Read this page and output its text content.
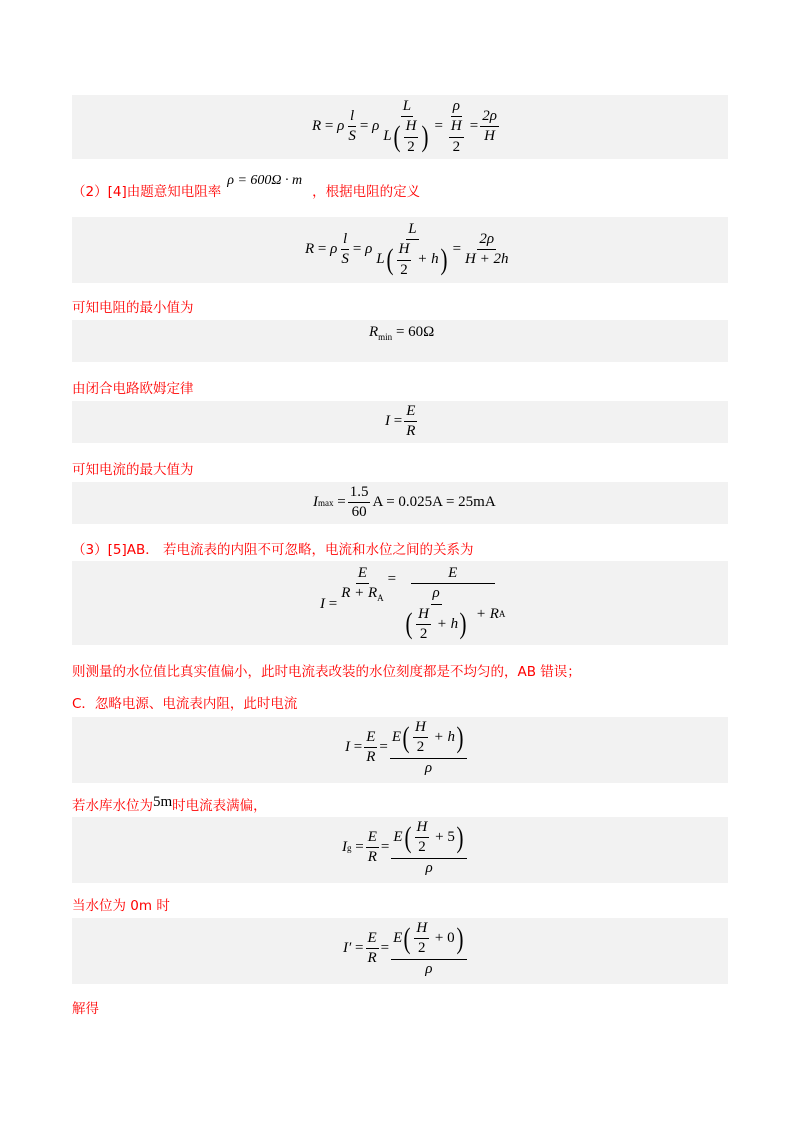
R
=
ρ $\frac{l}{S}$ =
ρ $\frac{L}{L ( \frac{H}{2} )} = \frac{\rho}{\frac{H}{2}} = \frac{2\rho}{H}$
（2）[4]由题意知电阻率ρ = 600Ω · m，根据电阻的定义
R
=
ρ $\frac{l}{S}$ =
ρ L
L ( $\frac{H}{2}$
+ h ) = $\frac{2\rho}{H + 2h}$
可知电阻的最小值为
$R_{min} = 60\Omega$
由闭合电路欧姆定律
I
= $\frac{E}{R}$
可知电流的最大值为
I max
= $\frac{1.5}{60}$ A = 0.025A = 25mA
（3）[5]AB． 若电流表的内阻不可忽略，电流和水位之间的关系为
I
= $\frac{E}{R + R_A} = E$
ρ
( $\frac{H}{2}$
+ h )
+ R A
则测量的水位值比真实值偏小，此时电流表改装的水位刻度都是不均匀的，AB 错误；
C．忽略电源、电流表内阻，此时电流
I
= $\frac{E}{R} = E$ ( $\frac{H}{2}$
+ h )
ρ
若水库水位为5m时电流表满偏，
I g
= $\frac{E}{R} = E$ ( $\frac{H}{2}$
+ 5 )
ρ
当水位为 0m 时
I′
= $\frac{E}{R} = E$ ( $\frac{H}{2}$
+ 0 )
ρ
解得
